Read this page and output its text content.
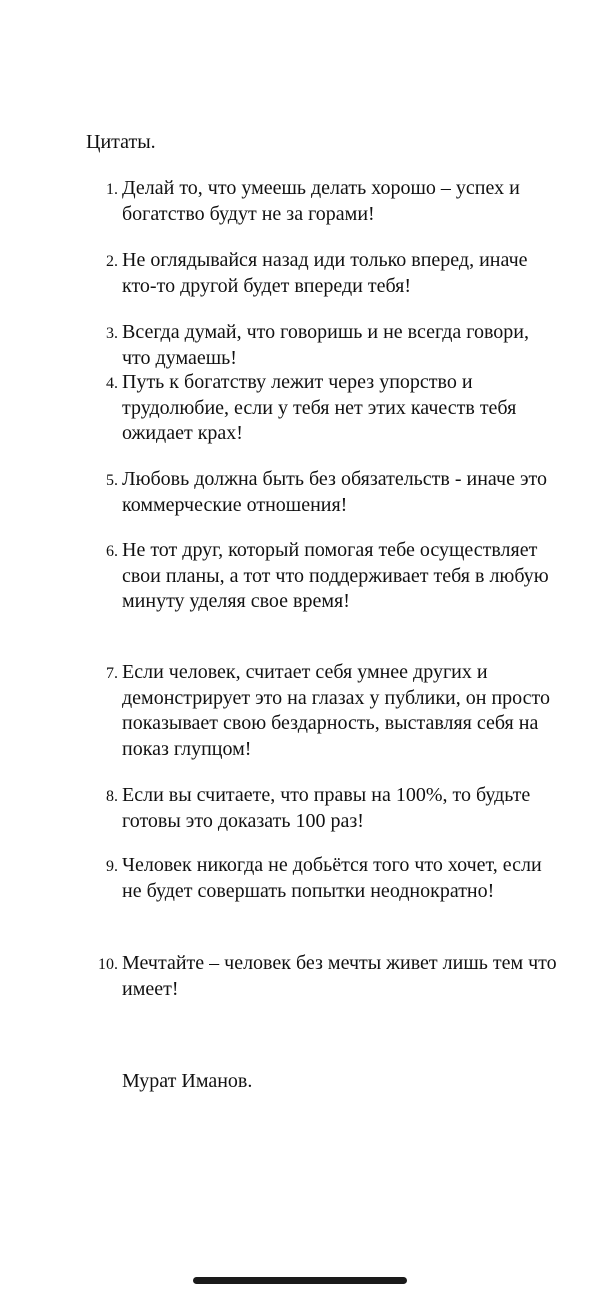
Цитаты.
1. Делай то, что умеешь делать хорошо – успех и богатство будут не за горами!
2. Не оглядывайся назад иди только вперед, иначе кто-то другой будет впереди тебя!
3. Всегда думай, что говоришь и не всегда говори, что думаешь!
4. Путь к богатству лежит через упорство и трудолюбие, если у тебя нет этих качеств тебя ожидает крах!
5. Любовь должна быть без обязательств - иначе это коммерческие отношения!
6. Не тот друг, который помогая тебе осуществляет свои планы, а тот что поддерживает тебя в любую минуту уделяя свое время!
7. Если человек, считает себя умнее других и демонстрирует это на глазах у публики, он просто показывает свою бездарность, выставляя себя на показ глупцом!
8. Если вы считаете, что правы на 100%, то будьте готовы это доказать 100 раз!
9. Человек никогда не добьётся того что хочет, если не будет совершать попытки неоднократно!
10. Мечтайте – человек без мечты живет лишь тем что имеет!

Мурат Иманов.
